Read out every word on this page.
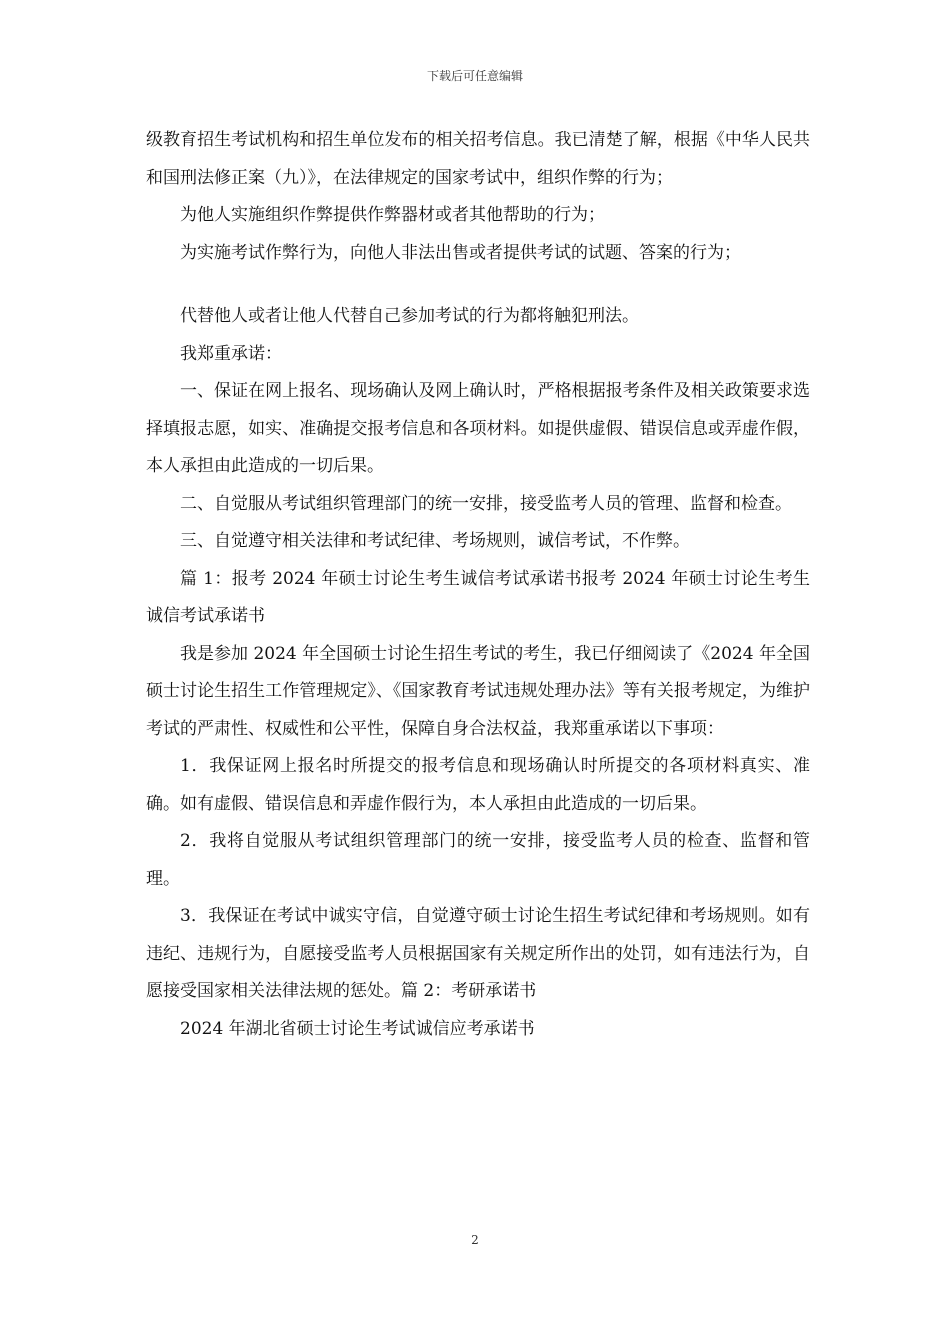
下载后可任意编辑

级教育招生考试机构和招生单位发布的相关招考信息。我已清楚了解，根据《中华人民共和国刑法修正案（九）》，在法律规定的国家考试中，组织作弊的行为；

为他人实施组织作弊提供作弊器材或者其他帮助的行为；

为实施考试作弊行为，向他人非法出售或者提供考试的试题、答案的行为；

代替他人或者让他人代替自己参加考试的行为都将触犯刑法。

我郑重承诺：

一、保证在网上报名、现场确认及网上确认时，严格根据报考条件及相关政策要求选择填报志愿，如实、准确提交报考信息和各项材料。如提供虚假、错误信息或弄虚作假，本人承担由此造成的一切后果。

二、自觉服从考试组织管理部门的统一安排，接受监考人员的管理、监督和检查。

三、自觉遵守相关法律和考试纪律、考场规则，诚信考试，不作弊。

篇 1：报考 2024 年硕士讨论生考生诚信考试承诺书报考 2024 年硕士讨论生考生诚信考试承诺书

我是参加 2024 年全国硕士讨论生招生考试的考生，我已仔细阅读了《2024 年全国硕士讨论生招生工作管理规定》、《国家教育考试违规处理办法》等有关报考规定，为维护考试的严肃性、权威性和公平性，保障自身合法权益，我郑重承诺以下事项：

1．我保证网上报名时所提交的报考信息和现场确认时所提交的各项材料真实、准确。如有虚假、错误信息和弄虚作假行为，本人承担由此造成的一切后果。

2．我将自觉服从考试组织管理部门的统一安排，接受监考人员的检查、监督和管理。

3．我保证在考试中诚实守信，自觉遵守硕士讨论生招生考试纪律和考场规则。如有违纪、违规行为，自愿接受监考人员根据国家有关规定所作出的处罚，如有违法行为，自愿接受国家相关法律法规的惩处。篇 2：考研承诺书

2024 年湖北省硕士讨论生考试诚信应考承诺书

2
